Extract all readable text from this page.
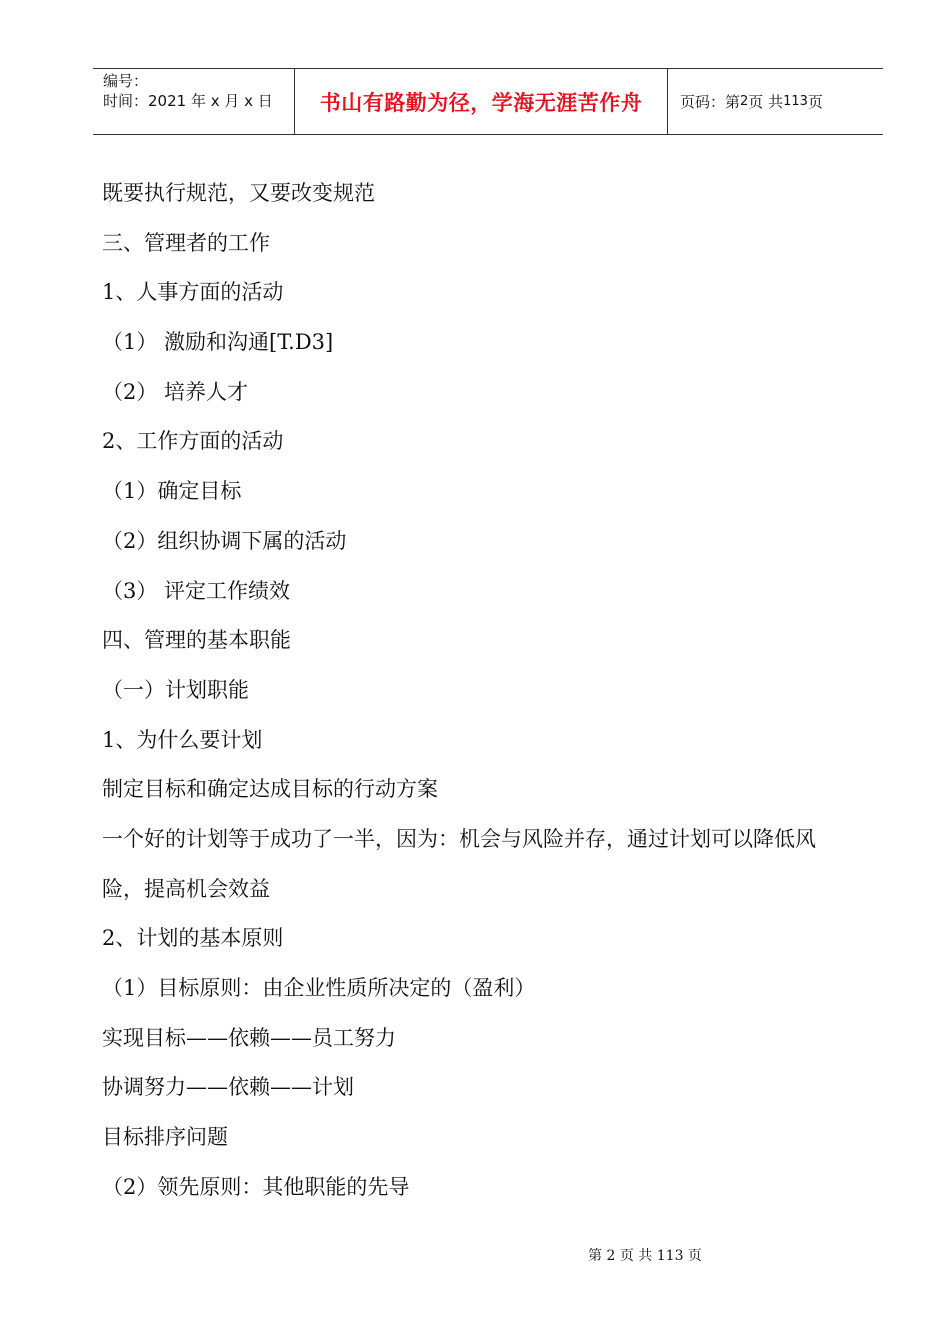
编号：
时间：2021 年 x 月 x 日	书山有路勤为径，学海无涯苦作舟	页码：第 2 页 共 113 页
既要执行规范，又要改变规范
三、管理者的工作
1、人事方面的活动
（1） 激励和沟通[T.D3]
（2） 培养人才
2、工作方面的活动
（1）确定目标
（2）组织协调下属的活动
（3） 评定工作绩效
四、管理的基本职能
（一）计划职能
1、为什么要计划
制定目标和确定达成目标的行动方案
一个好的计划等于成功了一半，因为：机会与风险并存，通过计划可以降低风
险，提高机会效益
2、计划的基本原则
（1）目标原则：由企业性质所决定的（盈利）
实现目标——依赖——员工努力
协调努力——依赖——计划
目标排序问题
（2）领先原则：其他职能的先导
第 2 页 共 113 页
